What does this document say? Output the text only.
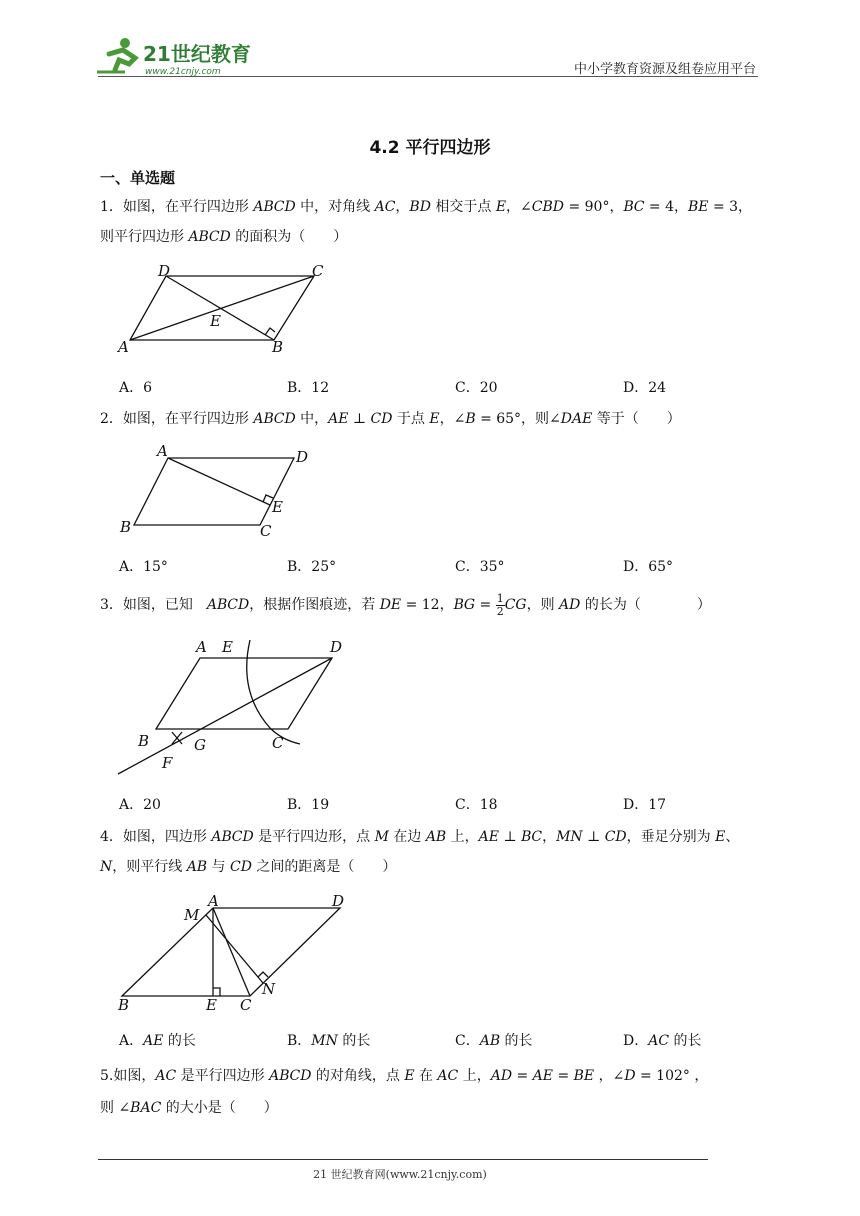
21世纪教育
www.21cnjy.com	中小学教育资源及组卷应用平台
4.2 平行四边形
一、单选题
1．如图，在平行四边形 𝐴𝐵𝐶𝐷 中，对角线 𝐴𝐶，𝐵𝐷 相交于点 𝐸，∠𝐶𝐵𝐷 = 90°，𝐵𝐶 = 4，𝐵𝐸 = 3，
则平行四边形 𝐴𝐵𝐶𝐷 的面积为（　　）
D	C
E
A	B
A．6	B．12	C．20	D．24
2．如图，在平行四边形 𝐴𝐵𝐶𝐷 中，𝐴𝐸 ⊥ 𝐶𝐷 于点 𝐸，∠𝐵 = 65°，则∠𝐷𝐴𝐸 等于（　　）
A	D
E
B	C
A．15°	B．25°	C．35°	D．65°
3．如图，已知　𝐴𝐵𝐶𝐷，根据作图痕迹，若 𝐷𝐸 = 12，𝐵𝐺 = $\frac{1}{2}$ 𝐶𝐺，则 𝐴𝐷 的长为（　　　　）
A E	D
B	G	C
F
A．20	B．19	C．18	D．17
4．如图，四边形 𝐴𝐵𝐶𝐷 是平行四边形，点 𝑀 在边 𝐴𝐵 上，𝐴𝐸 ⊥ 𝐵𝐶，𝑀𝑁 ⊥ 𝐶𝐷，垂足分别为 𝐸、
𝑁，则平行线 𝐴𝐵 与 𝐶𝐷 之间的距离是（　　）
M
A	D
N
B	E C
A．𝐴𝐸 的长	B．𝑀𝑁 的长	C．𝐴𝐵 的长	D．𝐴𝐶 的长
5.如图，𝐴𝐶 是平行四边形 𝐴𝐵𝐶𝐷 的对角线，点 𝐸 在 𝐴𝐶 上，𝐴𝐷 = 𝐴𝐸 = 𝐵𝐸 ，∠𝐷 = 102° ，
则 ∠𝐵𝐴𝐶 的大小是（　　）
21 世纪教育网(www.21cnjy.com)
